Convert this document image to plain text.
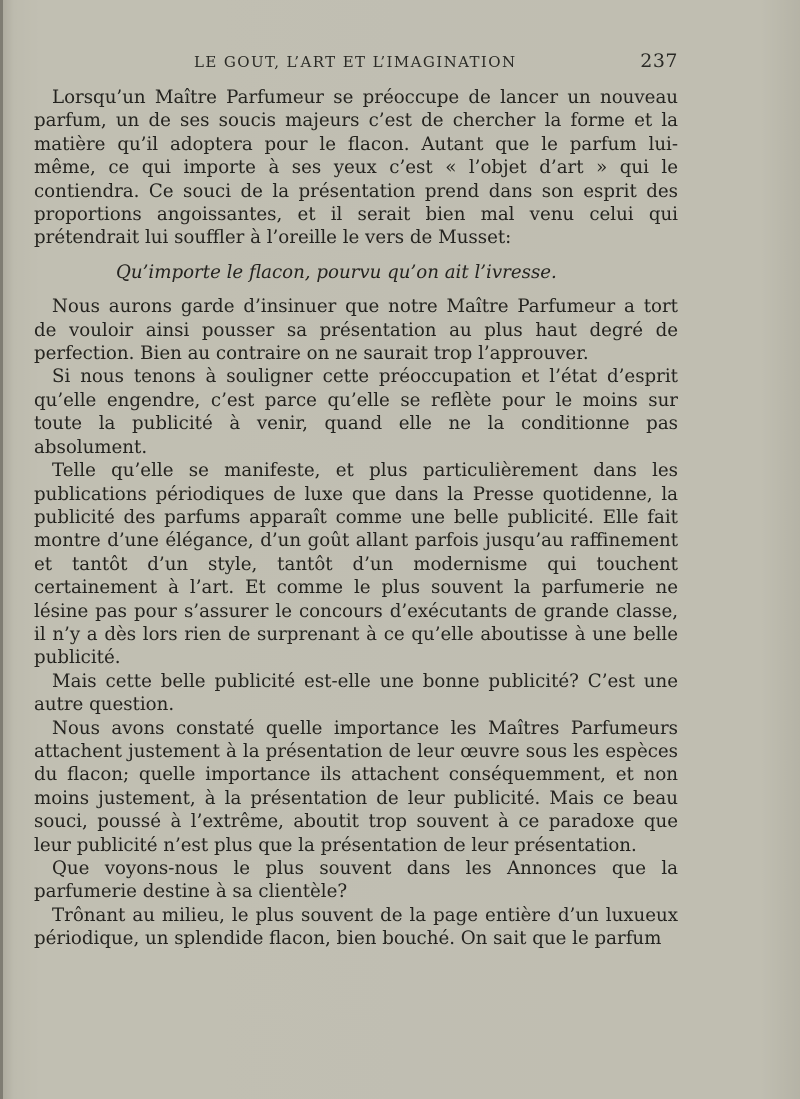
LE GOUT, L’ART ET L’IMAGINATION	237

Lorsqu’un Maître Parfumeur se préoccupe de lancer un nouveau parfum, un de ses soucis majeurs c’est de chercher la forme et la matière qu’il adoptera pour le flacon. Autant que le parfum lui-même, ce qui importe à ses yeux c’est « l’objet d’art » qui le contiendra. Ce souci de la présentation prend dans son esprit des proportions angoissantes, et il serait bien mal venu celui qui prétendrait lui souffler à l’oreille le vers de Musset:

Qu’importe le flacon, pourvu qu’on ait l’ivresse.

Nous aurons garde d’insinuer que notre Maître Parfumeur a tort de vouloir ainsi pousser sa présentation au plus haut degré de perfection. Bien au contraire on ne saurait trop l’approuver.

Si nous tenons à souligner cette préoccupation et l’état d’esprit qu’elle engendre, c’est parce qu’elle se reflète pour le moins sur toute la publicité à venir, quand elle ne la conditionne pas absolument.

Telle qu’elle se manifeste, et plus particulièrement dans les publications périodiques de luxe que dans la Presse quotidenne, la publicité des parfums apparaît comme une belle publicité. Elle fait montre d’une élégance, d’un goût allant parfois jusqu’au raffinement et tantôt d’un style, tantôt d’un modernisme qui touchent certainement à l’art. Et comme le plus souvent la parfumerie ne lésine pas pour s’assurer le concours d’exécutants de grande classe, il n’y a dès lors rien de surprenant à ce qu’elle aboutisse à une belle publicité.

Mais cette belle publicité est-elle une bonne publicité? C’est une autre question.

Nous avons constaté quelle importance les Maîtres Parfumeurs attachent justement à la présentation de leur œuvre sous les espèces du flacon; quelle importance ils attachent conséquemment, et non moins justement, à la présentation de leur publicité. Mais ce beau souci, poussé à l’extrême, aboutit trop souvent à ce paradoxe que leur publicité n’est plus que la présentation de leur présentation.

Que voyons-nous le plus souvent dans les Annonces que la parfumerie destine à sa clientèle?

Trônant au milieu, le plus souvent de la page entière d’un luxueux périodique, un splendide flacon, bien bouché. On sait que le parfum
